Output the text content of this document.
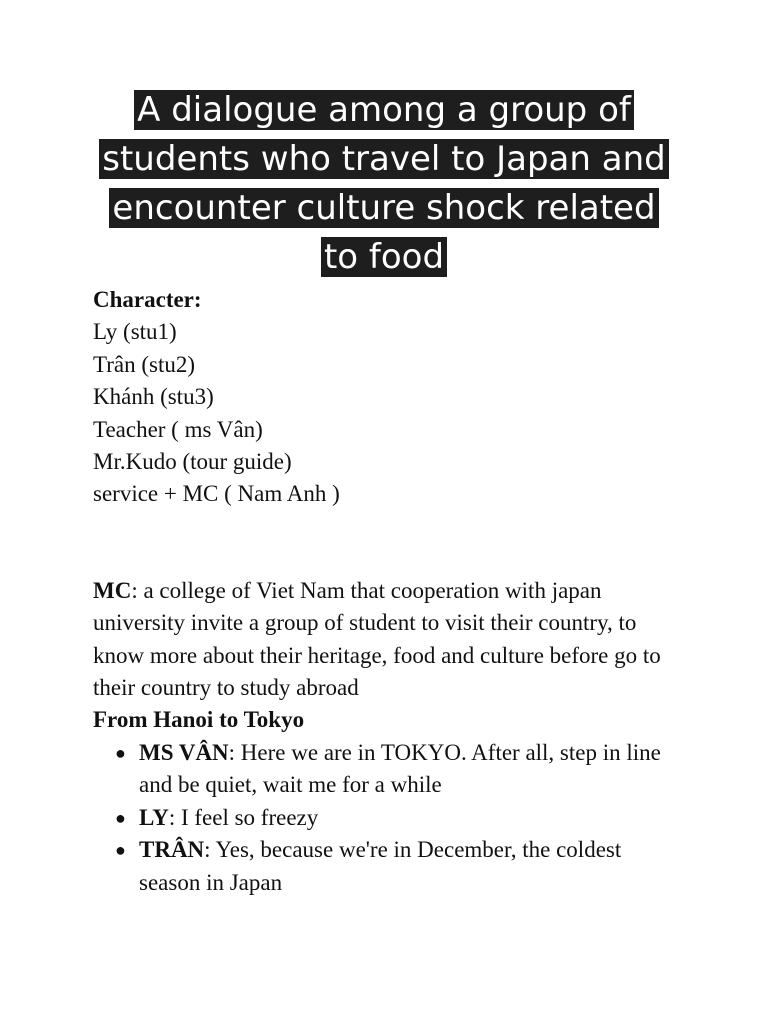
A dialogue among a group of students who travel to Japan and encounter culture shock related to food
Character:
Ly (stu1)
Trân (stu2)
Khánh (stu3)
Teacher ( ms Vân)
Mr.Kudo (tour guide)
service + MC ( Nam Anh )
MC: a college of Viet Nam that cooperation with japan university invite a group of student to visit their country, to know more about their heritage, food and culture before go to their country to study abroad
From Hanoi to Tokyo
● MS VÂN: Here we are in TOKYO. After all, step in line and be quiet, wait me for a while
● LY: I feel so freezy
● TRÂN: Yes, because we're in December, the coldest season in Japan
